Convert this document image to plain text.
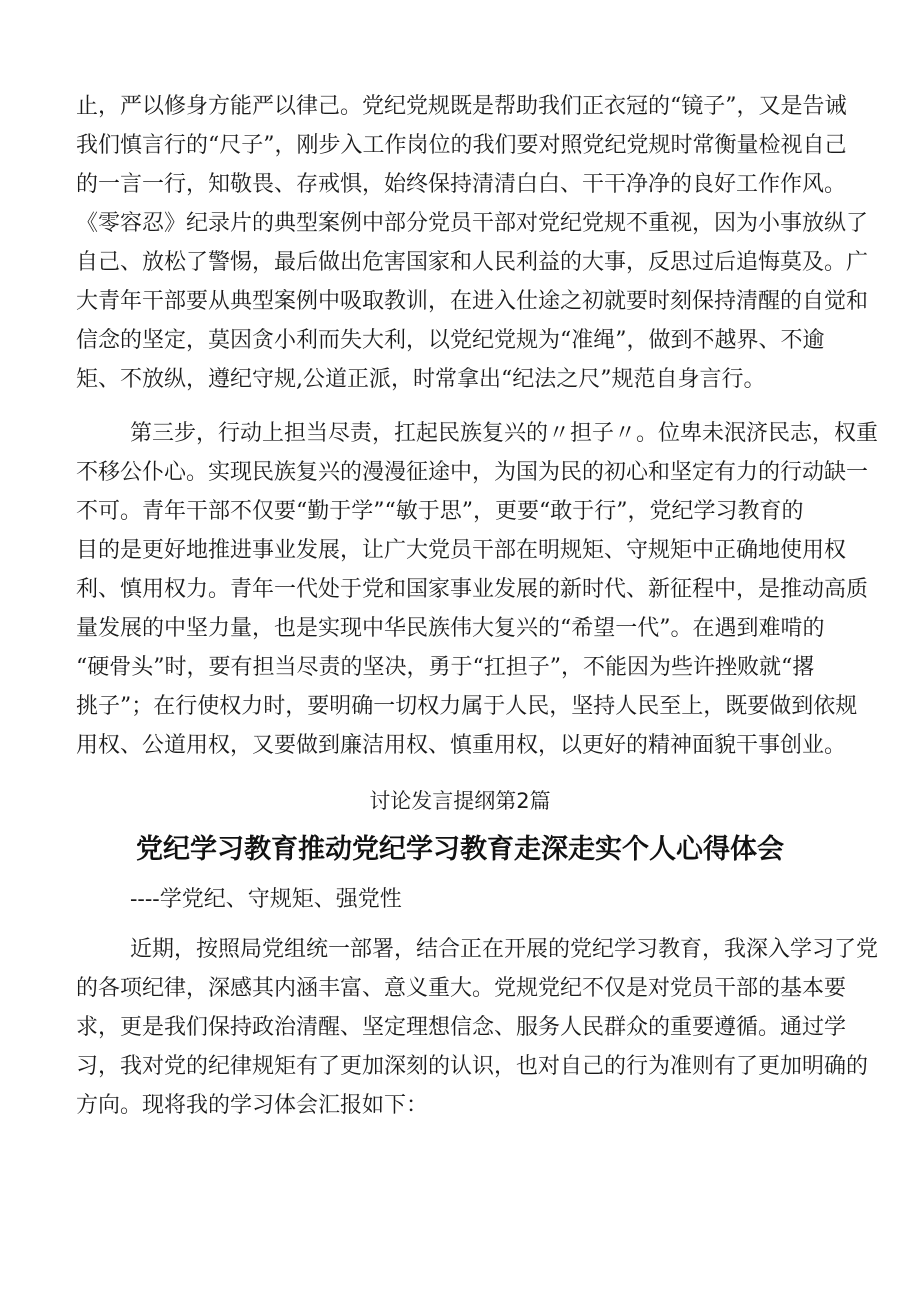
止，严以修身方能严以律己。党纪党规既是帮助我们正衣冠的“镜子”，又是告诫
我们慎言行的“尺子”，刚步入工作岗位的我们要对照党纪党规时常衡量检视自己
的一言一行，知敬畏、存戒惧，始终保持清清白白、干干净净的良好工作作风。
《零容忍》纪录片的典型案例中部分党员干部对党纪党规不重视，因为小事放纵了
自己、放松了警惕，最后做出危害国家和人民利益的大事，反思过后追悔莫及。广
大青年干部要从典型案例中吸取教训，在进入仕途之初就要时刻保持清醒的自觉和
信念的坚定，莫因贪小利而失大利，以党纪党规为“准绳”，做到不越界、不逾
矩、不放纵，遵纪守规,公道正派，时常拿出“纪法之尺”规范自身言行。
第三步，行动上担当尽责，扛起民族复兴的〃担子〃。位卑未泯济民志，权重
不移公仆心。实现民族复兴的漫漫征途中，为国为民的初心和坚定有力的行动缺一
不可。青年干部不仅要“勤于学”“敏于思”，更要“敢于行”，党纪学习教育的
目的是更好地推进事业发展，让广大党员干部在明规矩、守规矩中正确地使用权
利、慎用权力。青年一代处于党和国家事业发展的新时代、新征程中，是推动高质
量发展的中坚力量，也是实现中华民族伟大复兴的“希望一代”。在遇到难啃的
“硬骨头”时，要有担当尽责的坚决，勇于“扛担子”，不能因为些许挫败就“撂
挑子”；在行使权力时，要明确一切权力属于人民，坚持人民至上，既要做到依规
用权、公道用权，又要做到廉洁用权、慎重用权，以更好的精神面貌干事创业。
讨论发言提纲第2篇
党纪学习教育推动党纪学习教育走深走实个人心得体会
----学党纪、守规矩、强党性
近期，按照局党组统一部署，结合正在开展的党纪学习教育，我深入学习了党
的各项纪律，深感其内涵丰富、意义重大。党规党纪不仅是对党员干部的基本要
求，更是我们保持政治清醒、坚定理想信念、服务人民群众的重要遵循。通过学
习，我对党的纪律规矩有了更加深刻的认识，也对自己的行为准则有了更加明确的
方向。现将我的学习体会汇报如下：
